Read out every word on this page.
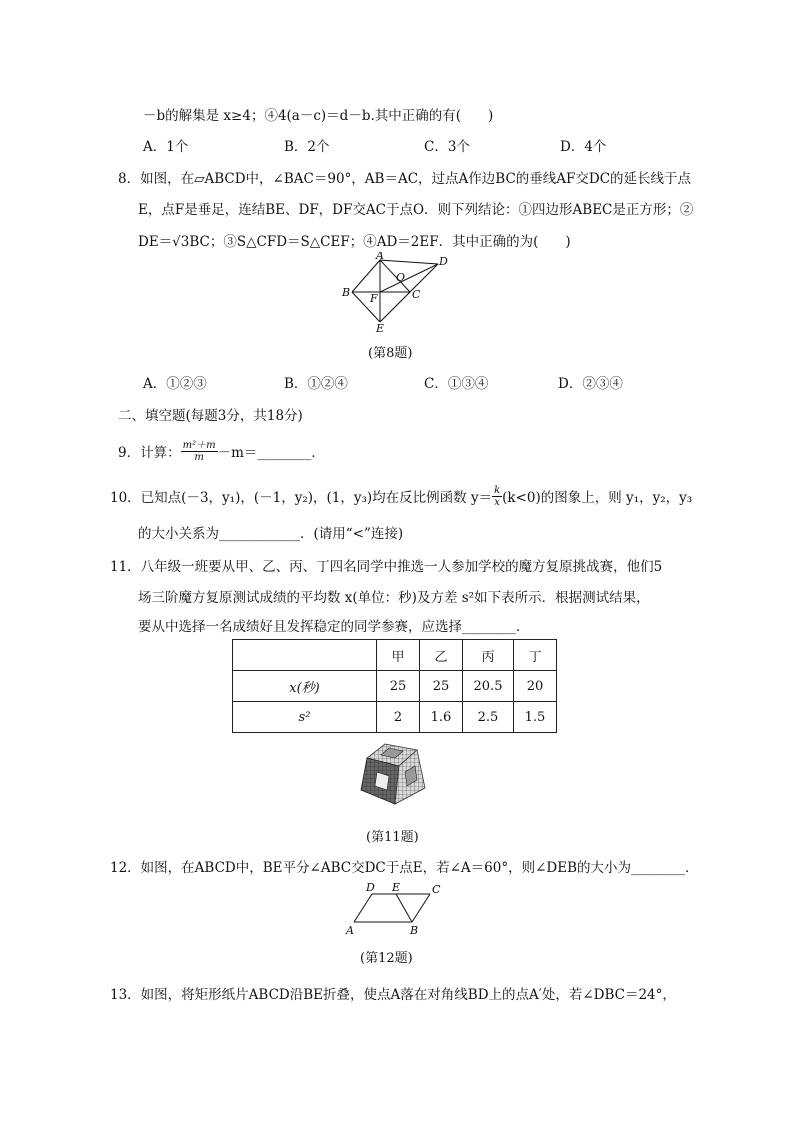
－b的解集是 x≥4；④4(a－c)＝d－b.其中正确的有(　　)
A．1个	B．2个	C．3个	D．4个
8．如图，在▱ABCD中，∠BAC＝90°，AB＝AC，过点A作边BC的垂线AF交DC的延长线于点
E，点F是垂足，连结BE、DF，DF交AC于点O．则下列结论：①四边形ABEC是正方形；②
DE＝√3BC；③S△CFD＝S△CEF；④AD＝2EF．其中正确的为(　　)
A
B	C
D
E
F
O
(第8题)
A．①②③	B．①②④	C．①③④	D．②③④
二、填空题(每题3分，共18分)
9．计算： $\frac{\text{m²＋m}}{m}$ －m＝________．
10．已知点(－3，y₁)，(－1，y₂)，(1，y₃)均在反比例函数 $y= \frac{k}{x} (k<0)$的图象上，则 y₁，y₂，y₃
的大小关系为____________．(请用“<”连接)
11．八年级一班要从甲、乙、丙、丁四名同学中推选一人参加学校的魔方复原挑战赛，他们5
场三阶魔方复原测试成绩的平均数 x(单位：秒)及方差 s²如下表所示．根据测试结果，
要从中选择一名成绩好且发挥稳定的同学参赛，应选择________．
	甲	乙	丙	丁
x(秒)	25	25	20.5	20
s²	2	1.6	2.5	1.5
(第11题)
12．如图，在ABCD中，BE平分∠ABC交DC于点E，若∠A＝60°，则∠DEB的大小为________．
D E	C
A	B
(第12题)
13．如图，将矩形纸片ABCD沿BE折叠，使点A落在对角线BD上的点A′处，若∠DBC＝24°，
